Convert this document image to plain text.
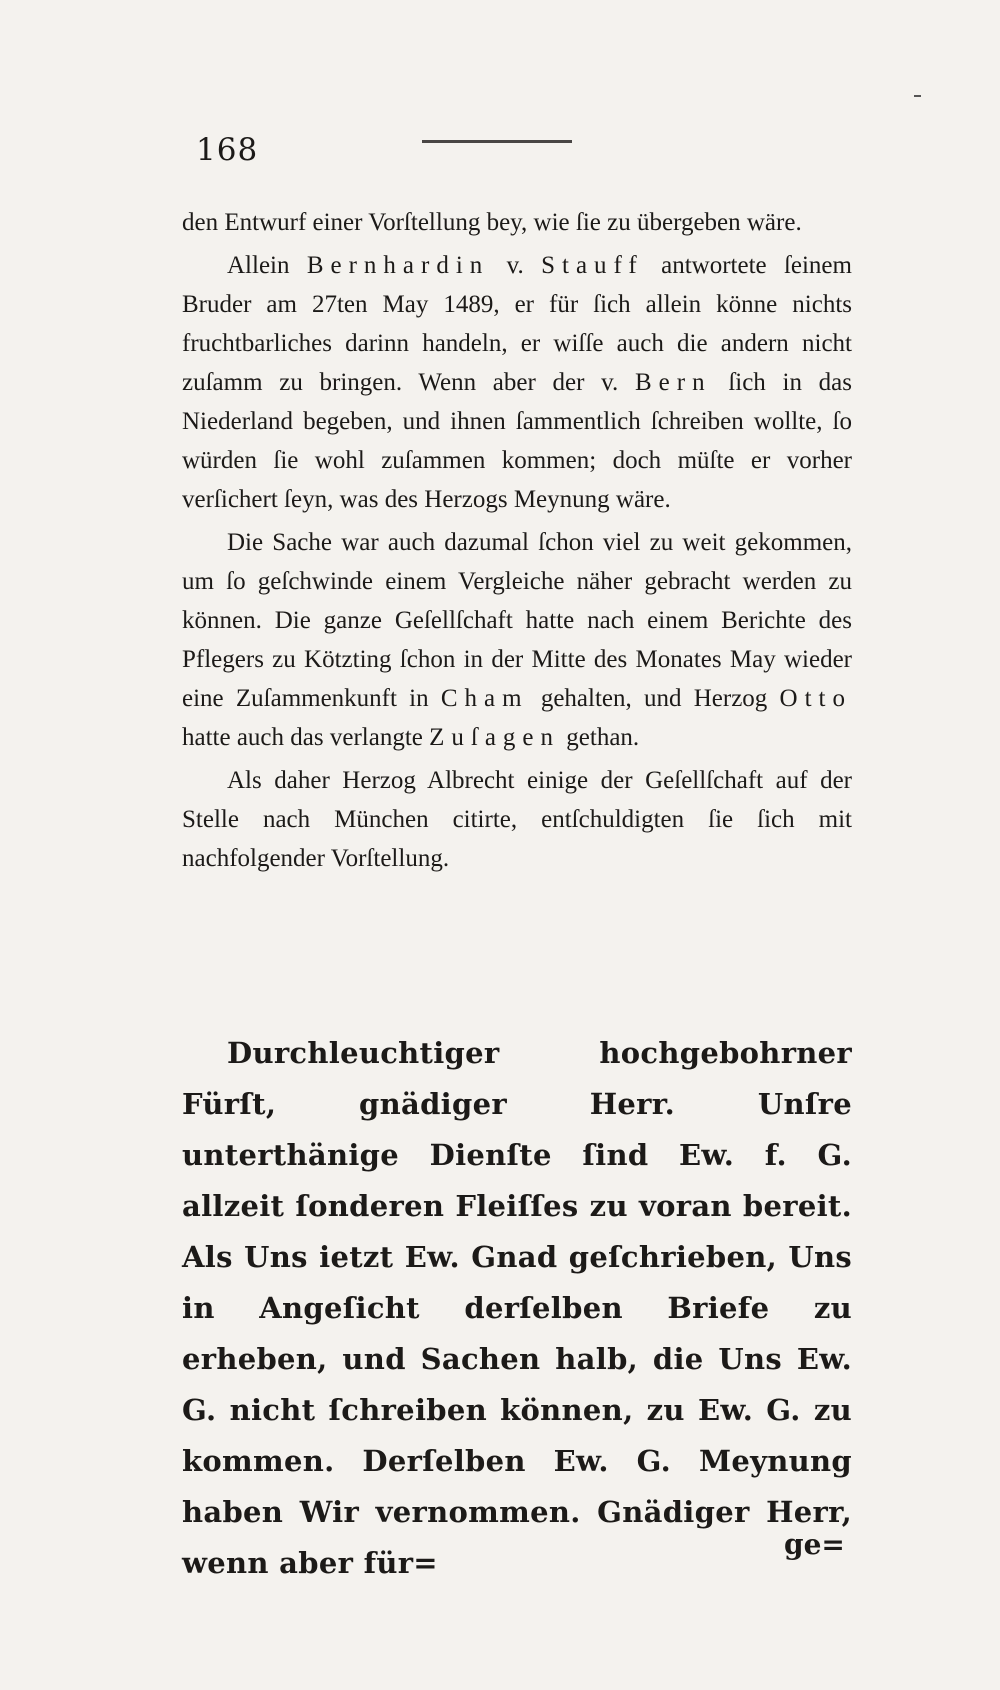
168

den Entwurf einer Vorſtellung bey, wie ſie zu übergeben wäre.

Allein Bernhardin v. Stauff antwortete ſeinem Bruder am 27ten May 1489, er für ſich allein könne nichts fruchtbarliches darinn handeln, er wiſſe auch die andern nicht zuſamm zu bringen. Wenn aber der v. Bern ſich in das Niederland begeben, und ihnen ſammentlich ſchreiben wollte, ſo würden ſie wohl zuſammen kommen; doch müſte er vorher verſichert ſeyn, was des Herzogs Meynung wäre.

Die Sache war auch dazumal ſchon viel zu weit gekommen, um ſo geſchwinde einem Vergleiche näher gebracht werden zu können. Die ganze Geſellſchaft hatte nach einem Berichte des Pflegers zu Kötzting ſchon in der Mitte des Monates May wieder eine Zuſammenkunft in Cham gehalten, und Herzog Otto hatte auch das verlangte Zuſagen gethan.

Als daher Herzog Albrecht einige der Geſellſchaft auf der Stelle nach München citirte, entſchuldigten ſie ſich mit nachfolgender Vorſtellung.

Durchleuchtiger hochgebohrner Fürſt, gnädiger Herr. Unſre unterthänige Dienſte ſind Ew. f. G. allzeit ſonderen Fleiſſes zu voran bereit. Als Uns ietzt Ew. Gnad geſchrieben, Uns in Angeſicht derſelben Briefe zu erheben, und Sachen halb, die Uns Ew. G. nicht ſchreiben können, zu Ew. G. zu kommen. Derſelben Ew. G. Meynung haben Wir vernommen. Gnädiger Herr, wenn aber für=

ge=
